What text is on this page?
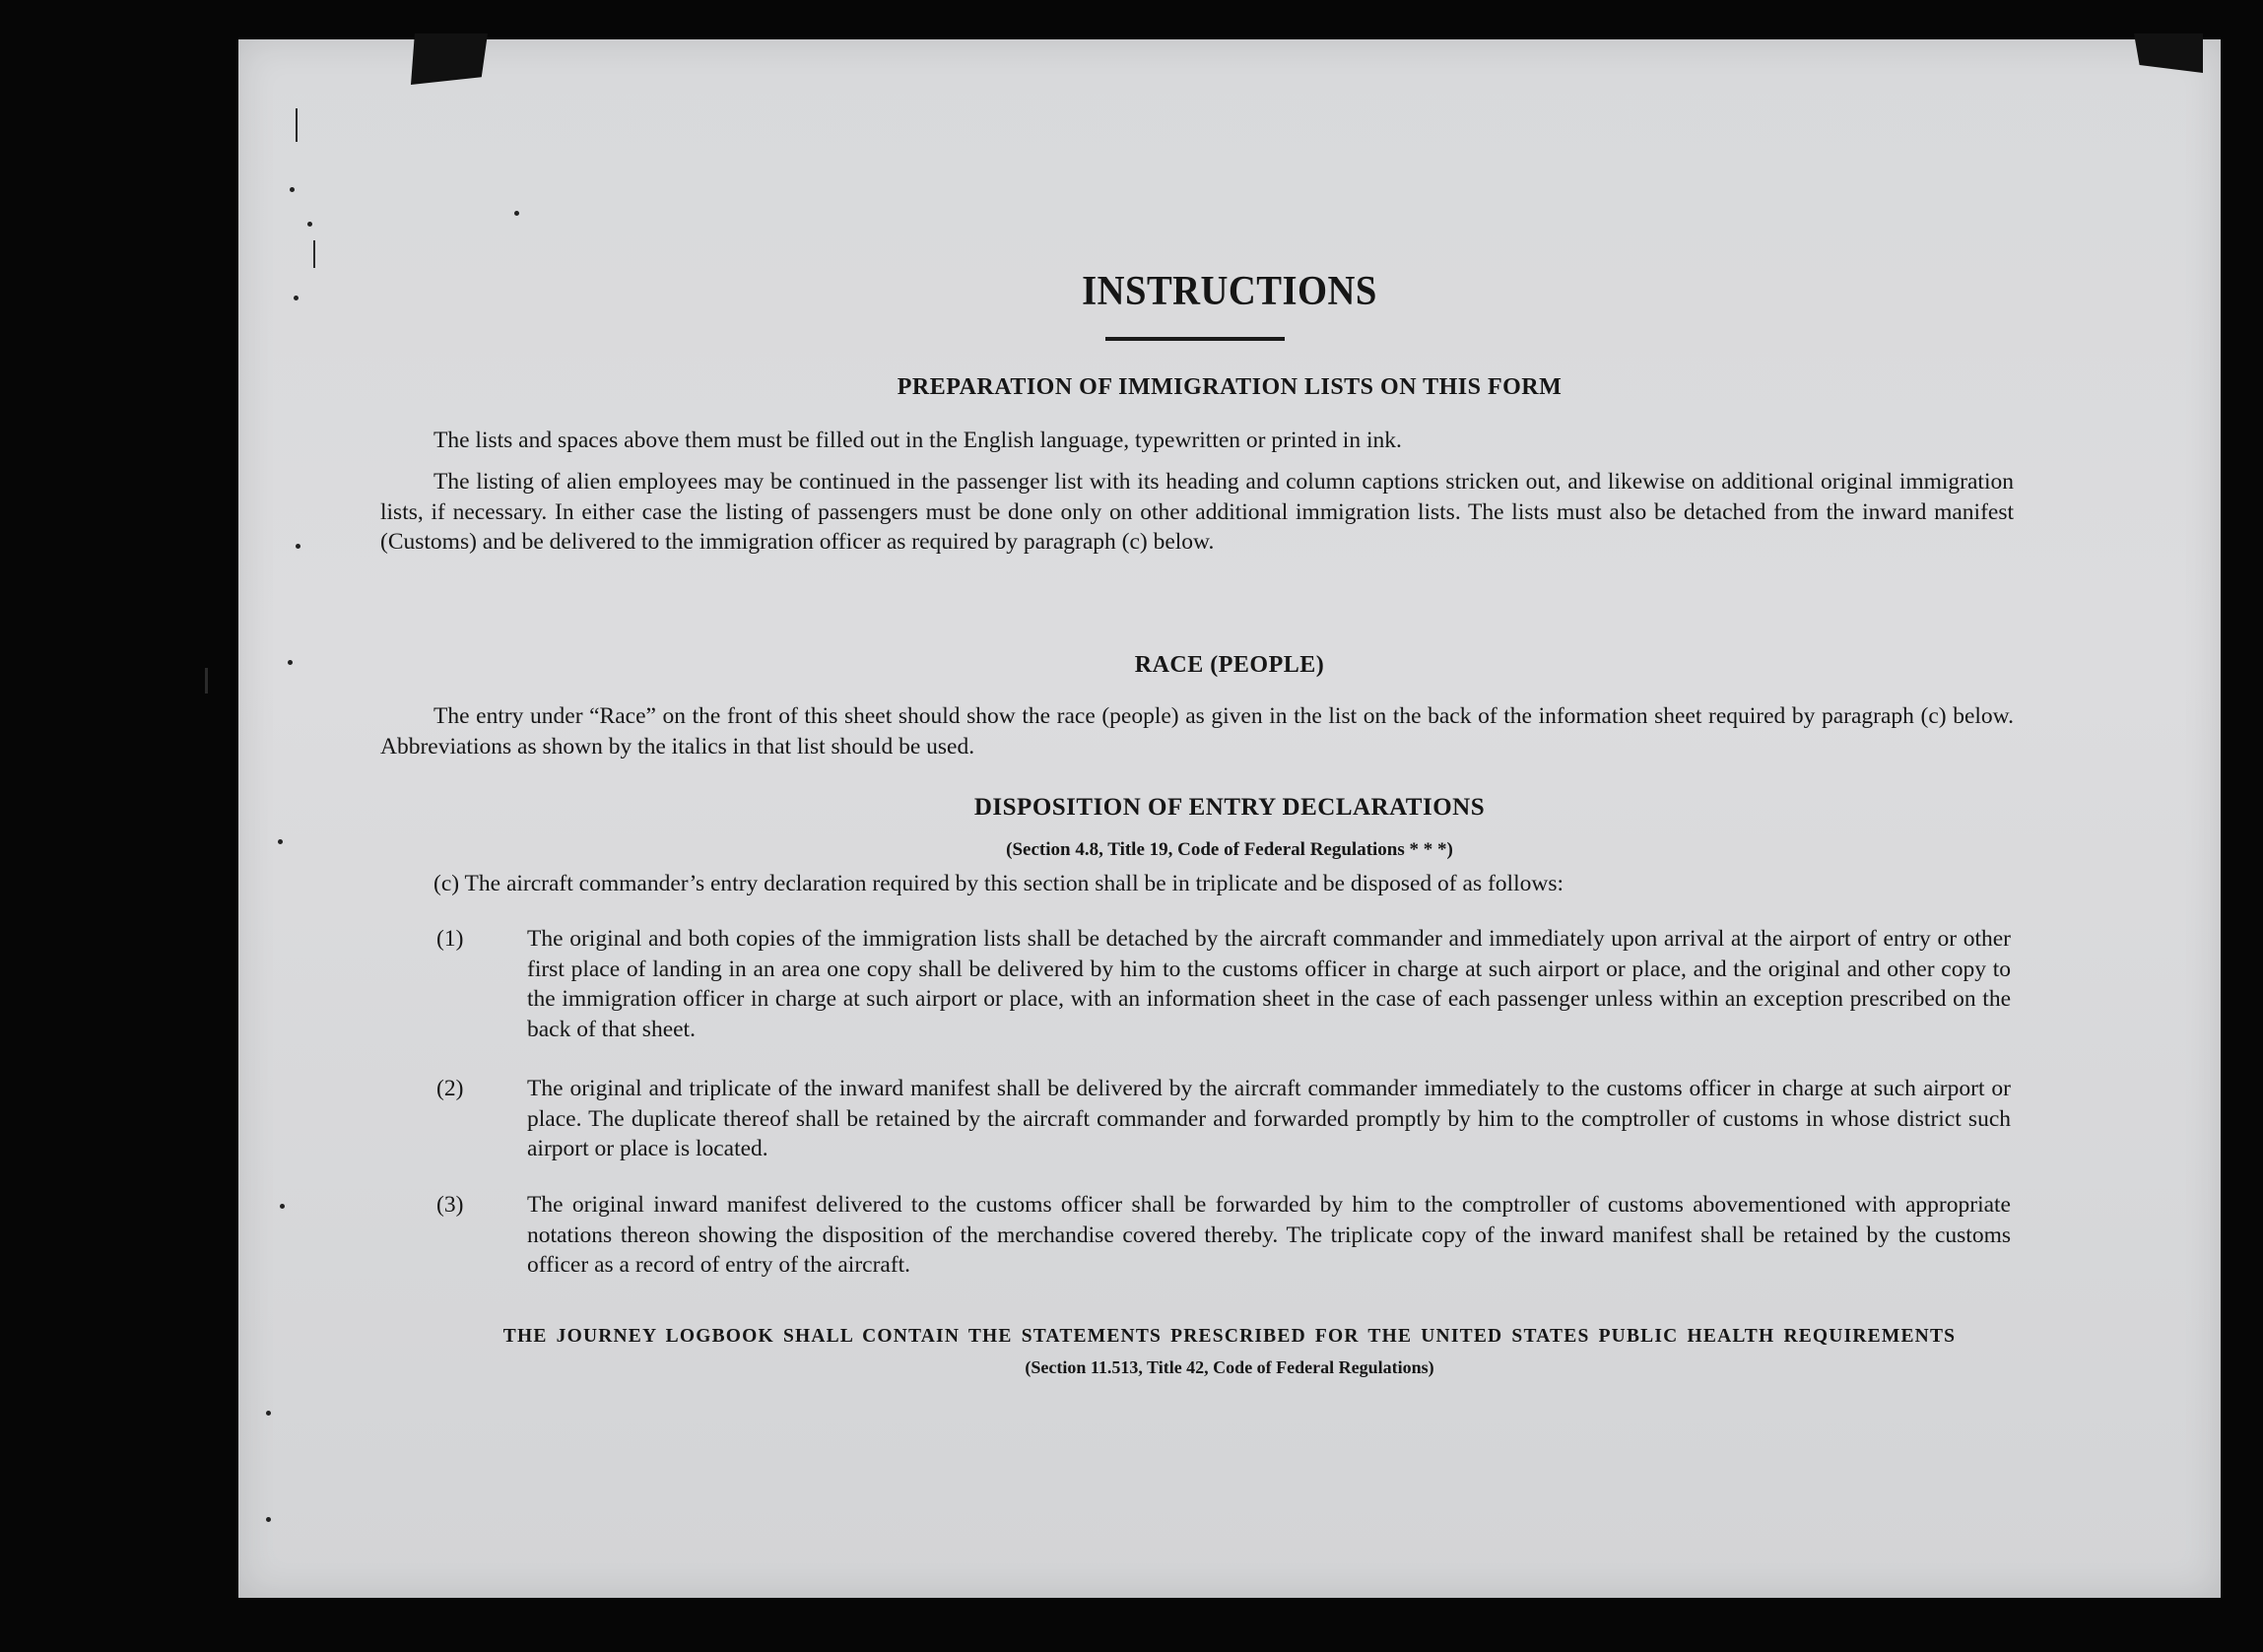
INSTRUCTIONS
PREPARATION OF IMMIGRATION LISTS ON THIS FORM
The lists and spaces above them must be filled out in the English language, typewritten or printed in ink.
The listing of alien employees may be continued in the passenger list with its heading and column captions stricken out, and likewise on additional original immigration lists, if necessary. In either case the listing of passengers must be done only on other additional immigration lists. The lists must also be detached from the inward manifest (Customs) and be delivered to the immigration officer as required by paragraph (c) below.
RACE (PEOPLE)
The entry under “Race” on the front of this sheet should show the race (people) as given in the list on the back of the information sheet required by paragraph (c) below. Abbreviations as shown by the italics in that list should be used.
DISPOSITION OF ENTRY DECLARATIONS
(Section 4.8, Title 19, Code of Federal Regulations * * *)
(c) The aircraft commander’s entry declaration required by this section shall be in triplicate and be disposed of as follows:
(1)	The original and both copies of the immigration lists shall be detached by the aircraft commander and immediately upon arrival at the airport of entry or other first place of landing in an area one copy shall be delivered by him to the customs officer in charge at such airport or place, and the original and other copy to the immigration officer in charge at such airport or place, with an information sheet in the case of each passenger unless within an exception prescribed on the back of that sheet.
(2)	The original and triplicate of the inward manifest shall be delivered by the aircraft commander immediately to the customs officer in charge at such airport or place. The duplicate thereof shall be retained by the aircraft commander and forwarded promptly by him to the comptroller of customs in whose district such airport or place is located.
(3)	The original inward manifest delivered to the customs officer shall be forwarded by him to the comptroller of customs abovementioned with appropriate notations thereon showing the disposition of the merchandise covered thereby. The triplicate copy of the inward manifest shall be retained by the customs officer as a record of entry of the aircraft.
THE JOURNEY LOGBOOK SHALL CONTAIN THE STATEMENTS PRESCRIBED FOR THE UNITED STATES PUBLIC HEALTH REQUIREMENTS
(Section 11.513, Title 42, Code of Federal Regulations)
